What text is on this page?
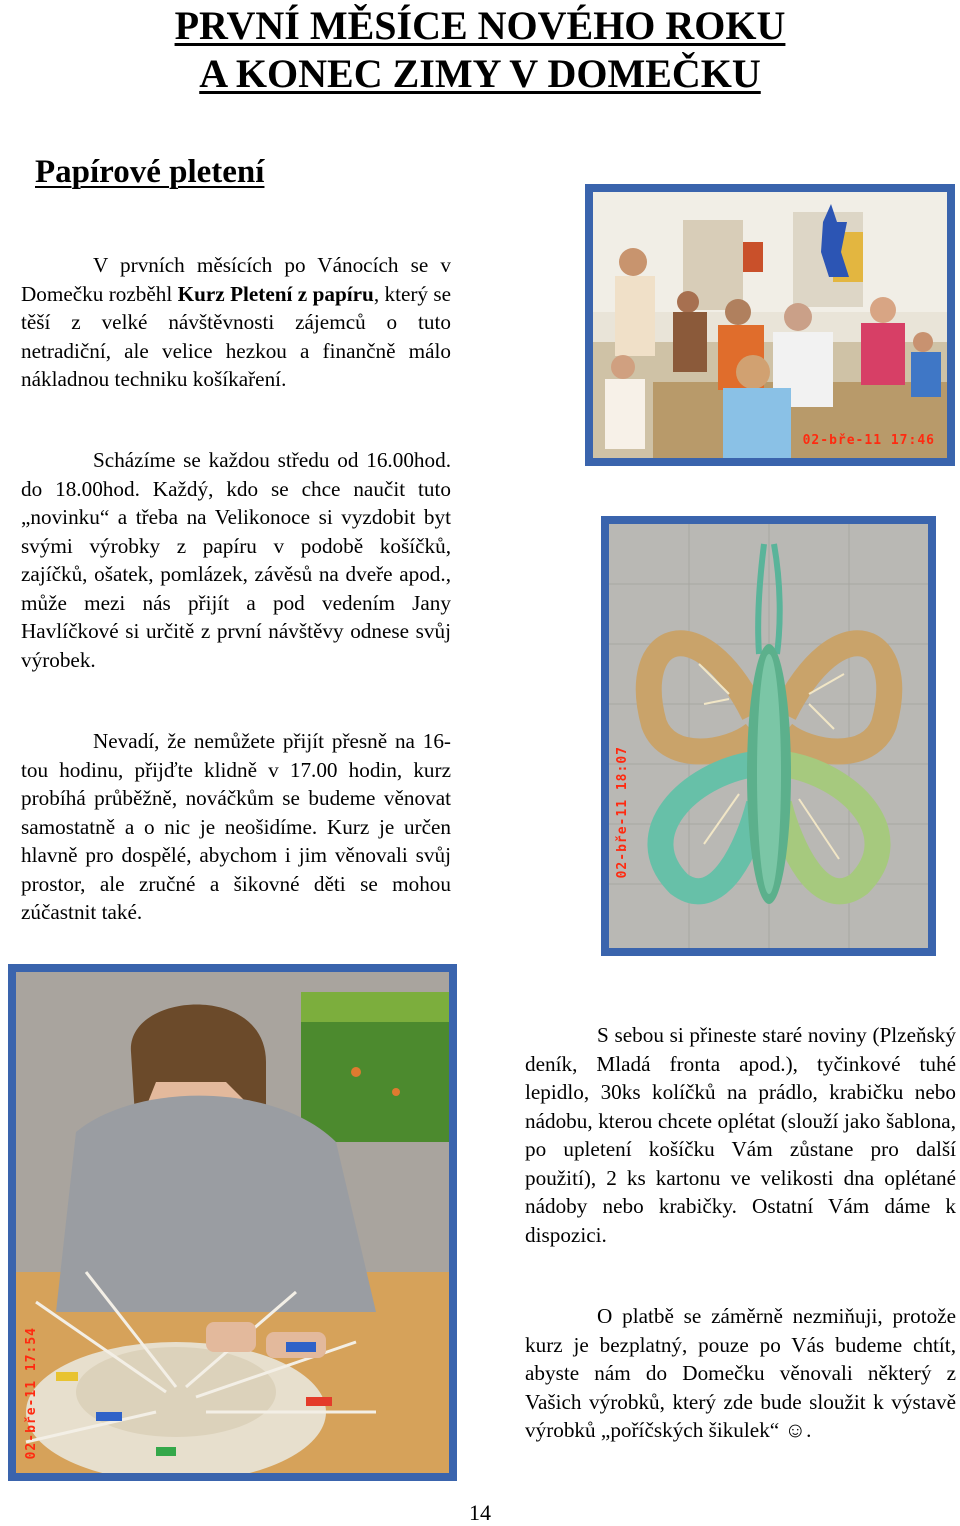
PRVNÍ MĚSÍCE NOVÉHO ROKU
A KONEC ZIMY V DOMEČKU
Papírové pletení

V prvních měsících po Vánocích se v Domečku rozběhl Kurz Pletení z papíru, který se těší z velké návštěvnosti zájemců o tuto netradiční, ale velice hezkou a finančně málo nákladnou techniku košíkaření.

Scházíme se každou středu od 16.00hod. do 18.00hod. Každý, kdo se chce naučit tuto „novinku“ a třeba na Velikonoce si vyzdobit byt svými výrobky z papíru v podobě košíčků, zajíčků, ošatek, pomlázek, závěsů na dveře apod., může mezi nás přijít a pod vedením Jany Havlíčkové si určitě z první návštěvy odnese svůj výrobek.

Nevadí, že nemůžete přijít přesně na 16-tou hodinu, přijďte klidně v 17.00 hodin, kurz probíhá průběžně, nováčkům se budeme věnovat samostatně a o nic je neošidíme. Kurz je určen hlavně pro dospělé, abychom i jim věnovali svůj prostor, ale zručné a šikovné děti se mohou zúčastnit také.

S sebou si přineste staré noviny (Plzeňský deník, Mladá fronta apod.), tyčinkové tuhé lepidlo, 30ks kolíčků na prádlo, krabičku nebo nádobu, kterou chcete oplétat (slouží jako šablona, po upletení košíčku Vám zůstane pro další použití), 2 ks kartonu ve velikosti dna oplétané nádoby nebo krabičky. Ostatní Vám dáme k dispozici.

O platbě se záměrně nezmiňuji, protože kurz je bezplatný, pouze po Vás budeme chtít, abyste nám do Domečku věnovali některý z Vašich výrobků, který zde bude sloužit k výstavě výrobků „poříčských šikulek“ ☺.

02-bře-11 17:46
02-bře-11 18:07
02-bře-11 17:54
14
